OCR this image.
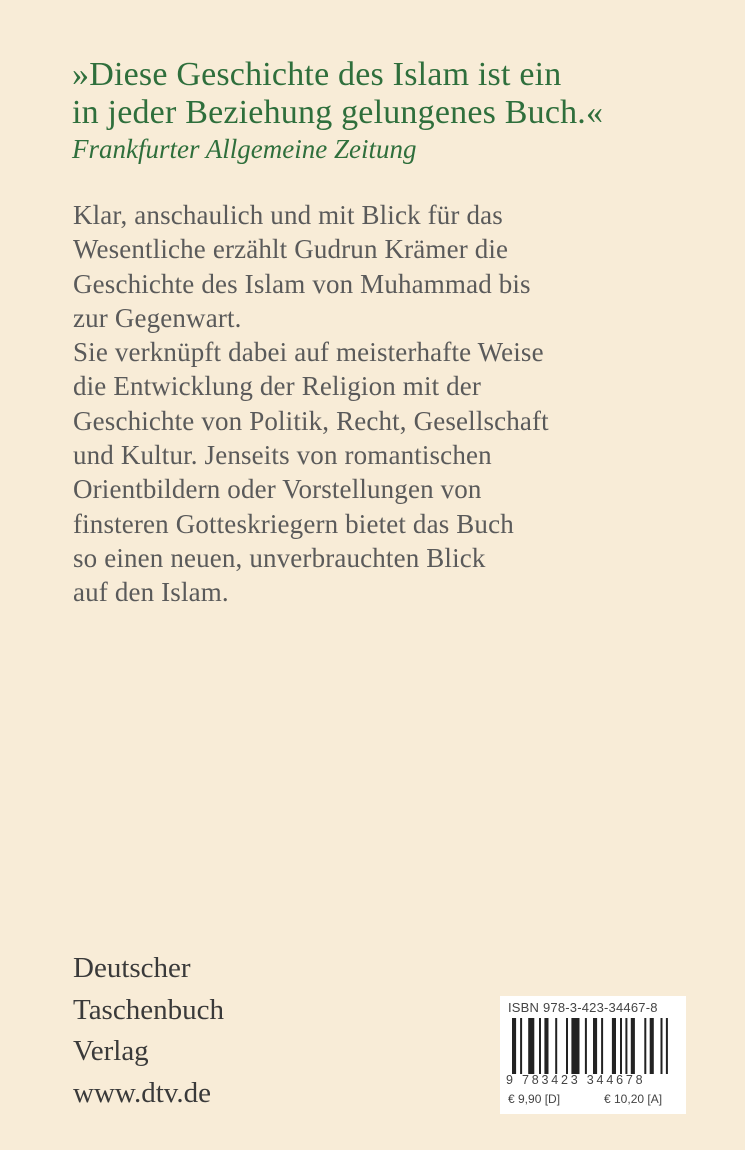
»Diese Geschichte des Islam ist ein
in jeder Beziehung gelungenes Buch.«
Frankfurter Allgemeine Zeitung
Klar, anschaulich und mit Blick für das
Wesentliche erzählt Gudrun Krämer die
Geschichte des Islam von Muhammad bis
zur Gegenwart.
Sie verknüpft dabei auf meisterhafte Weise
die Entwicklung der Religion mit der
Geschichte von Politik, Recht, Gesellschaft
und Kultur. Jenseits von romantischen
Orientbildern oder Vorstellungen von
finsteren Gotteskriegern bietet das Buch
so einen neuen, unverbrauchten Blick
auf den Islam.
Deutscher
Taschenbuch
Verlag
www.dtv.de
ISBN 978-3-423-34467-8
9 783423 344678
€ 9,90 [D]	€ 10,20 [A]
